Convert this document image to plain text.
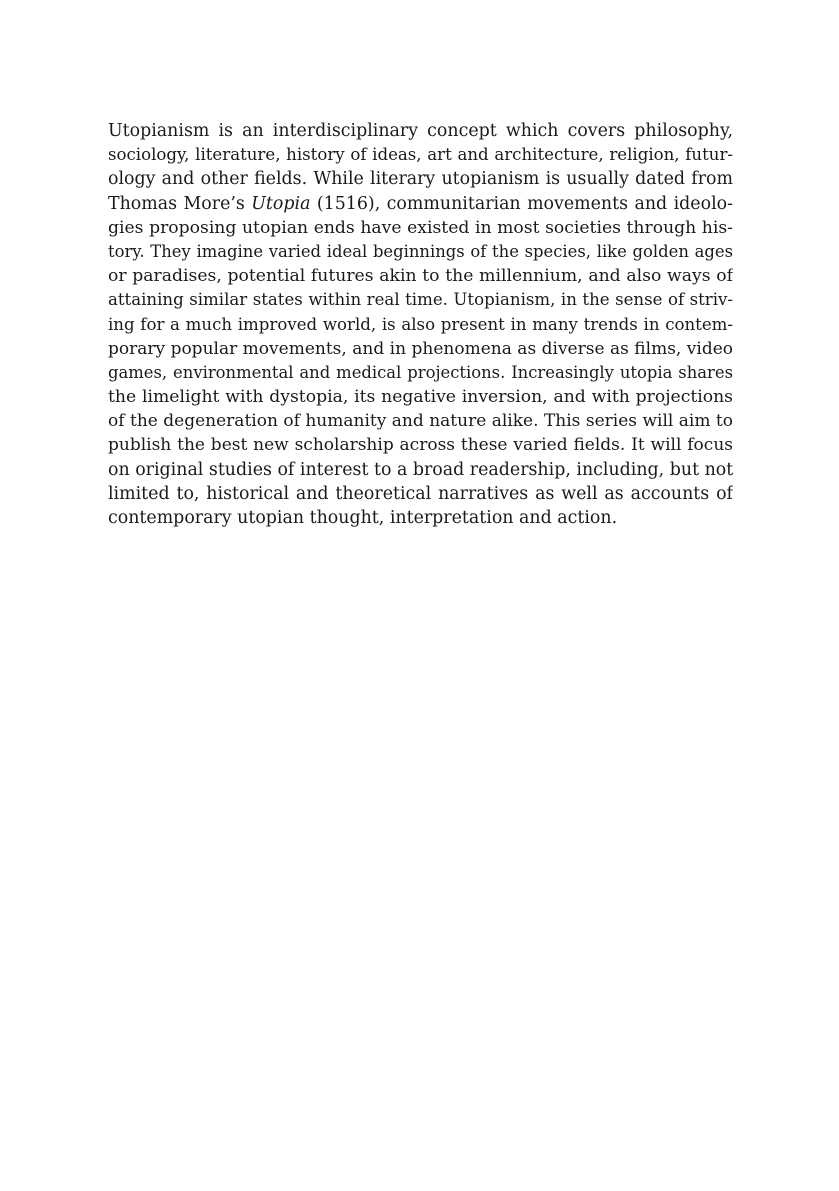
Utopianism is an interdisciplinary concept which covers philosophy,
sociology, literature, history of ideas, art and architecture, religion, futur-
ology and other fields. While literary utopianism is usually dated from
Thomas More’s Utopia (1516), communitarian movements and ideolo-
gies proposing utopian ends have existed in most societies through his-
tory. They imagine varied ideal beginnings of the species, like golden ages
or paradises, potential futures akin to the millennium, and also ways of
attaining similar states within real time. Utopianism, in the sense of striv-
ing for a much improved world, is also present in many trends in contem-
porary popular movements, and in phenomena as diverse as films, video
games, environmental and medical projections. Increasingly utopia shares
the limelight with dystopia, its negative inversion, and with projections
of the degeneration of humanity and nature alike. This series will aim to
publish the best new scholarship across these varied fields. It will focus
on original studies of interest to a broad readership, including, but not
limited to, historical and theoretical narratives as well as accounts of
contemporary utopian thought, interpretation and action.
